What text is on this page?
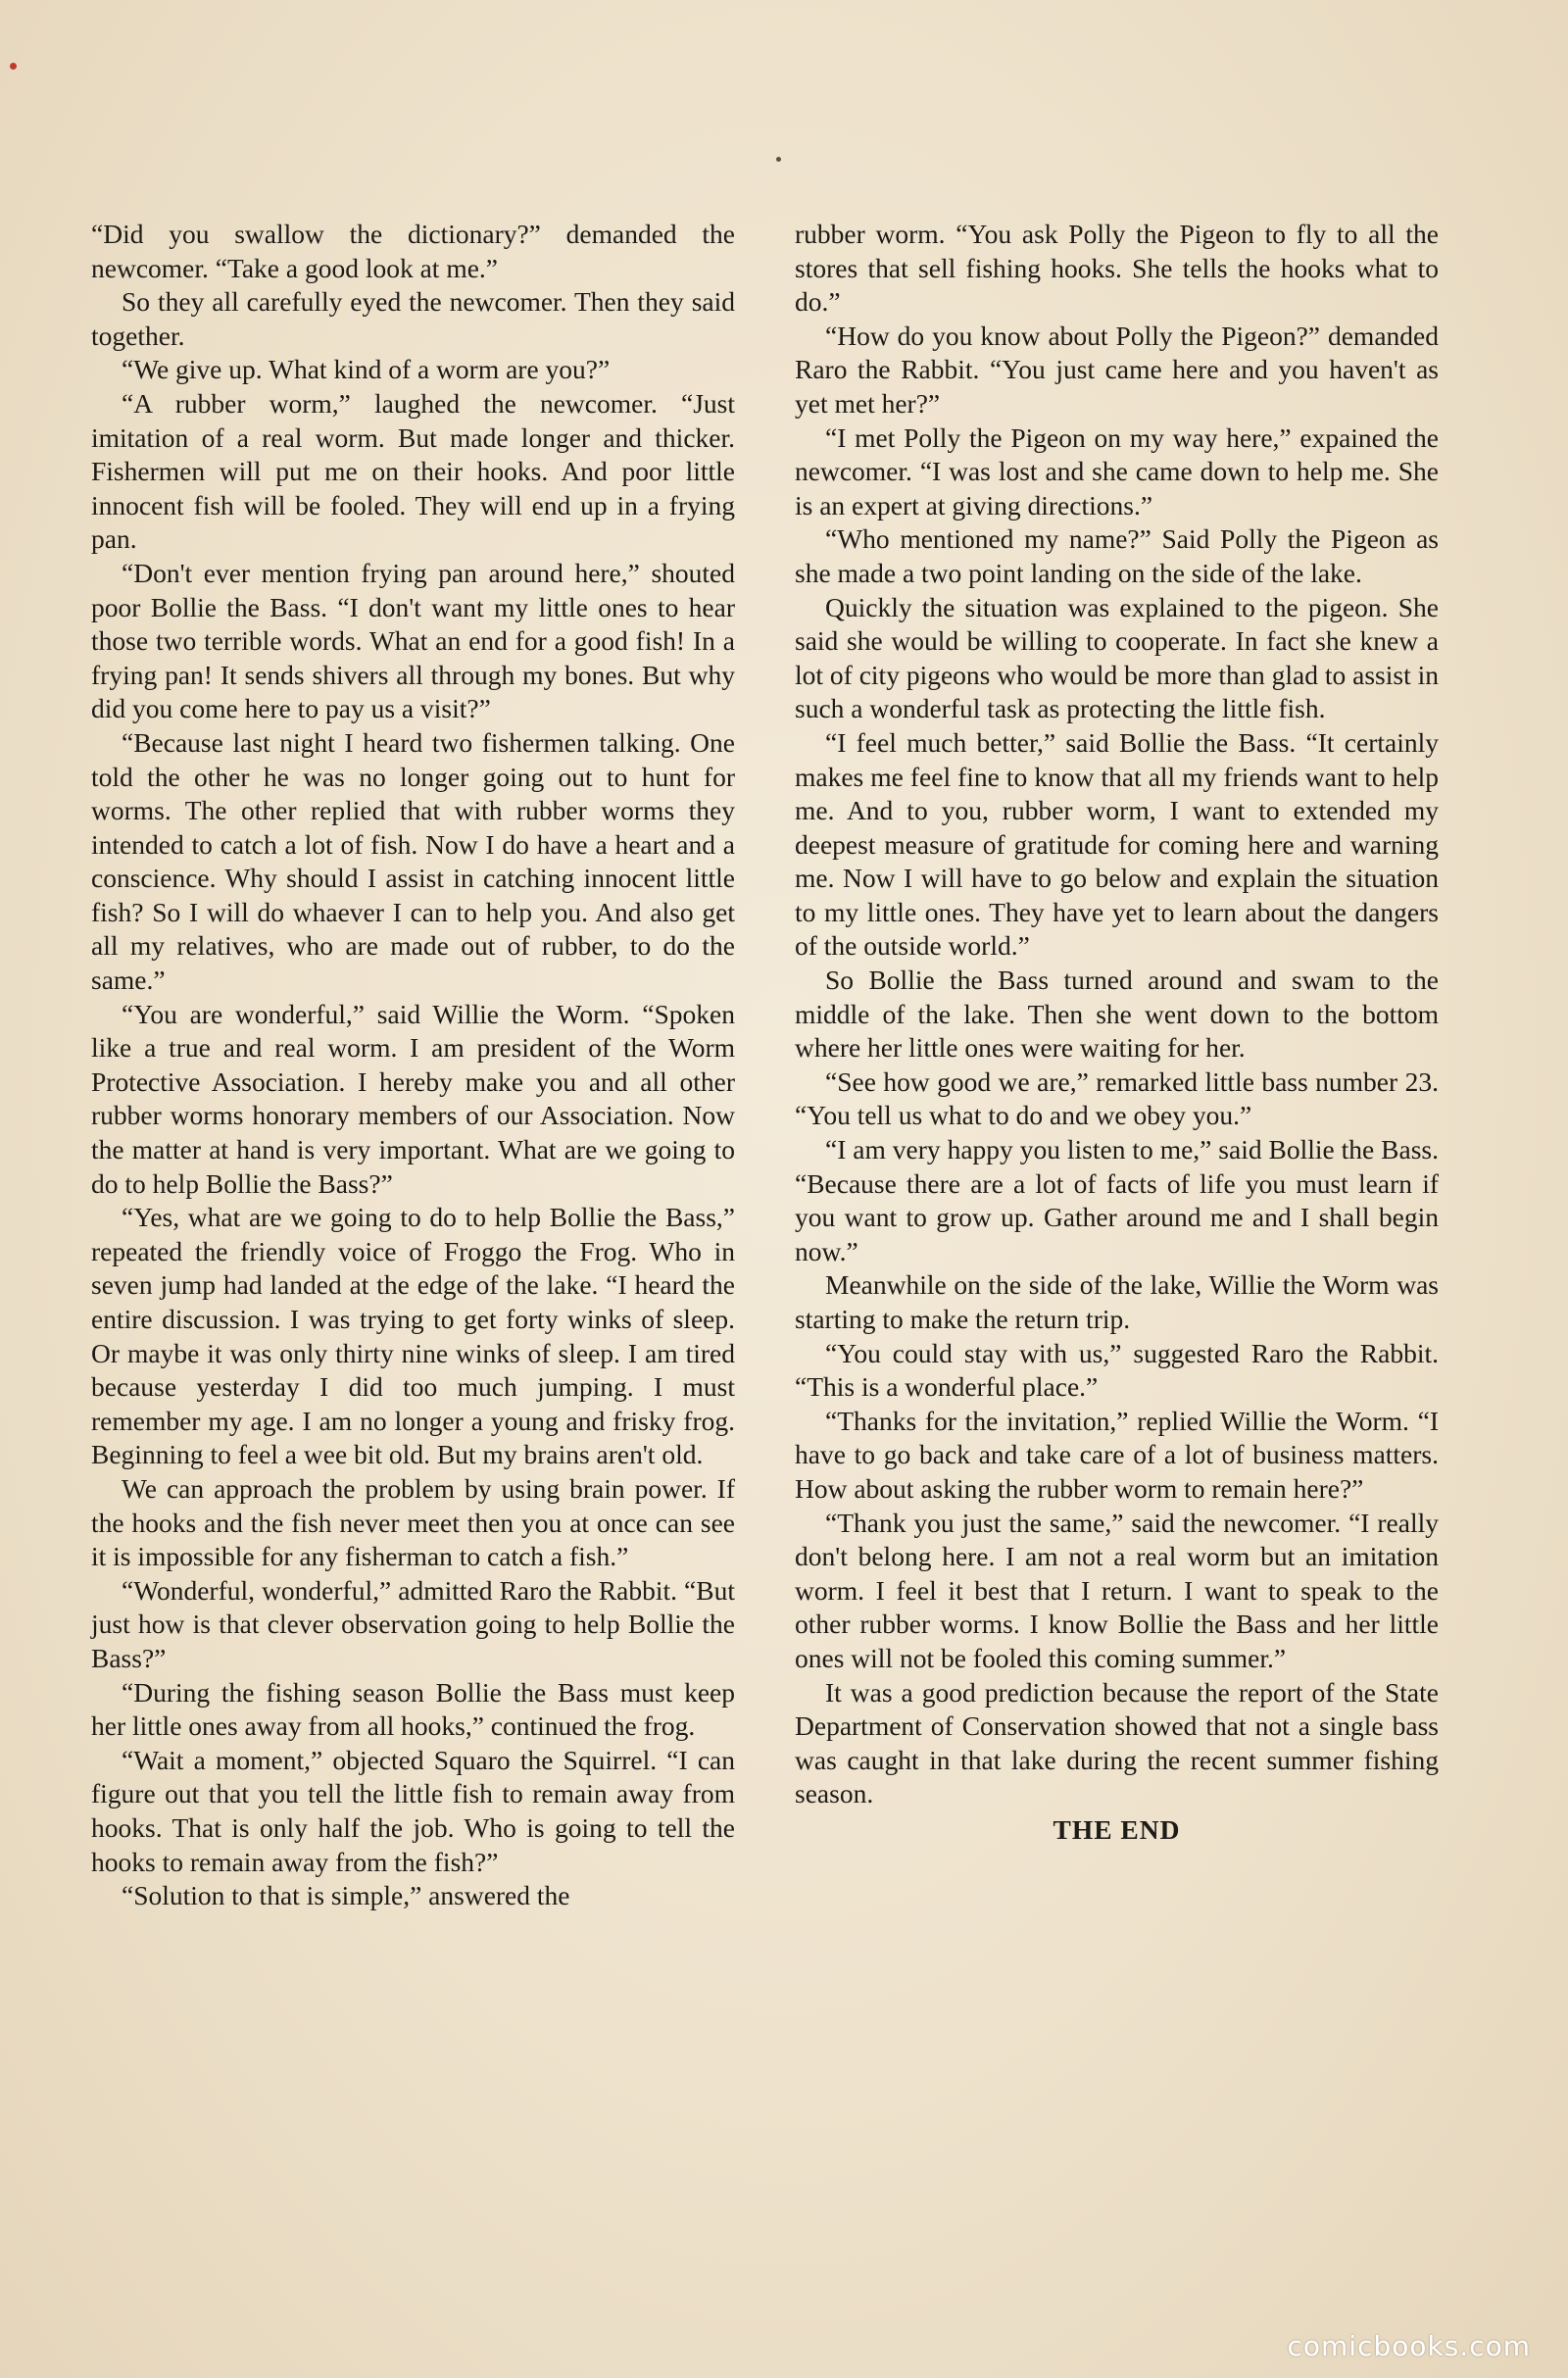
“Did you swallow the dictionary?” demanded the newcomer. “Take a good look at me.”

So they all carefully eyed the newcomer. Then they said together.

“We give up. What kind of a worm are you?”

“A rubber worm,” laughed the newcomer. “Just imitation of a real worm. But made longer and thicker. Fishermen will put me on their hooks. And poor little innocent fish will be fooled. They will end up in a frying pan.

“Don't ever mention frying pan around here,” shouted poor Bollie the Bass. “I don't want my little ones to hear those two terrible words. What an end for a good fish! In a frying pan! It sends shivers all through my bones. But why did you come here to pay us a visit?”

“Because last night I heard two fishermen talking. One told the other he was no longer going out to hunt for worms. The other replied that with rubber worms they intended to catch a lot of fish. Now I do have a heart and a conscience. Why should I assist in catching innocent little fish? So I will do whaever I can to help you. And also get all my relatives, who are made out of rubber, to do the same.”

“You are wonderful,” said Willie the Worm. “Spoken like a true and real worm. I am president of the Worm Protective Association. I hereby make you and all other rubber worms honorary members of our Association. Now the matter at hand is very important. What are we going to do to help Bollie the Bass?”

“Yes, what are we going to do to help Bollie the Bass,” repeated the friendly voice of Froggo the Frog. Who in seven jump had landed at the edge of the lake. “I heard the entire discussion. I was trying to get forty winks of sleep. Or maybe it was only thirty nine winks of sleep. I am tired because yesterday I did too much jumping. I must remember my age. I am no longer a young and frisky frog. Beginning to feel a wee bit old. But my brains aren't old.

We can approach the problem by using brain power. If the hooks and the fish never meet then you at once can see it is impossible for any fisherman to catch a fish.”

“Wonderful, wonderful,” admitted Raro the Rabbit. “But just how is that clever observation going to help Bollie the Bass?”

“During the fishing season Bollie the Bass must keep her little ones away from all hooks,” continued the frog.

“Wait a moment,” objected Squaro the Squirrel. “I can figure out that you tell the little fish to remain away from hooks. That is only half the job. Who is going to tell the hooks to remain away from the fish?”

“Solution to that is simple,” answered the

rubber worm. “You ask Polly the Pigeon to fly to all the stores that sell fishing hooks. She tells the hooks what to do.”

“How do you know about Polly the Pigeon?” demanded Raro the Rabbit. “You just came here and you haven't as yet met her?”

“I met Polly the Pigeon on my way here,” expained the newcomer. “I was lost and she came down to help me. She is an expert at giving directions.”

“Who mentioned my name?” Said Polly the Pigeon as she made a two point landing on the side of the lake.

Quickly the situation was explained to the pigeon. She said she would be willing to cooperate. In fact she knew a lot of city pigeons who would be more than glad to assist in such a wonderful task as protecting the little fish.

“I feel much better,” said Bollie the Bass. “It certainly makes me feel fine to know that all my friends want to help me. And to you, rubber worm, I want to extended my deepest measure of gratitude for coming here and warning me. Now I will have to go below and explain the situation to my little ones. They have yet to learn about the dangers of the outside world.”

So Bollie the Bass turned around and swam to the middle of the lake. Then she went down to the bottom where her little ones were waiting for her.

“See how good we are,” remarked little bass number 23. “You tell us what to do and we obey you.”

“I am very happy you listen to me,” said Bollie the Bass. “Because there are a lot of facts of life you must learn if you want to grow up. Gather around me and I shall begin now.”

Meanwhile on the side of the lake, Willie the Worm was starting to make the return trip.

“You could stay with us,” suggested Raro the Rabbit. “This is a wonderful place.”

“Thanks for the invitation,” replied Willie the Worm. “I have to go back and take care of a lot of business matters. How about asking the rubber worm to remain here?”

“Thank you just the same,” said the newcomer. “I really don't belong here. I am not a real worm but an imitation worm. I feel it best that I return. I want to speak to the other rubber worms. I know Bollie the Bass and her little ones will not be fooled this coming summer.”

It was a good prediction because the report of the State Department of Conservation showed that not a single bass was caught in that lake during the recent summer fishing season.

THE END

comicbooks.com
